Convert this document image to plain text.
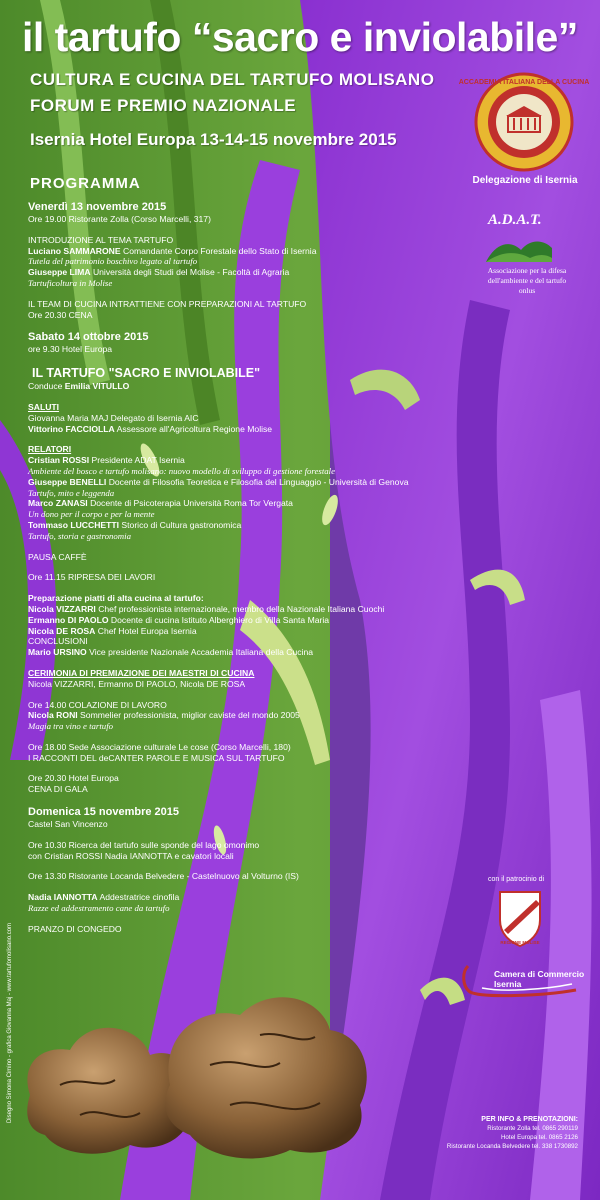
il tartufo “sacro e inviolabile”
CULTURA E CUCINA DEL TARTUFO MOLISANO
FORUM E PREMIO NAZIONALE
Isernia Hotel Europa 13-14-15 novembre 2015
PROGRAMMA
Venerdì 13 novembre 2015
Ore 19.00 Ristorante Zolla (Corso Marcelli, 317)
INTRODUZIONE AL TEMA TARTUFO
Luciano SAMMARONE Comandante Corpo Forestale dello Stato di Isernia
Tutela del patrimonio boschivo legato al tartufo
Giuseppe LIMA Università degli Studi del Molise - Facoltà di Agraria
Tartuficoltura in Molise
IL TEAM DI CUCINA INTRATTIENE CON PREPARAZIONI AL TARTUFO
Ore 20.30 CENA
Sabato 14 ottobre 2015
ore 9.30 Hotel Europa
IL TARTUFO "SACRO E INVIOLABILE"
Conduce Emilia VITULLO
SALUTI
Giovanna Maria MAJ Delegato di Isernia AIC
Vittorino FACCIOLLA Assessore all'Agricoltura Regione Molise
RELATORI
Cristian ROSSI Presidente ADAT Isernia
Ambiente del bosco e tartufo molisano: nuovo modello di sviluppo di gestione forestale
Giuseppe BENELLI Docente di Filosofia Teoretica e Filosofia del Linguaggio - Università di Genova
Tartufo, mito e leggenda
Marco ZANASI Docente di Psicoterapia Università Roma Tor Vergata
Un dono per il corpo e per la mente
Tommaso LUCCHETTI Storico di Cultura gastronomica
Tartufo, storia e gastronomia
PAUSA CAFFÈ
Ore 11.15 RIPRESA DEI LAVORI
Preparazione piatti di alta cucina al tartufo:
Nicola VIZZARRI Chef professionista internazionale, membro della Nazionale Italiana Cuochi
Ermanno DI PAOLO Docente di cucina Istituto Alberghiero di Villa Santa Maria
Nicola DE ROSA Chef Hotel Europa Isernia
CONCLUSIONI
Mario URSINO Vice presidente Nazionale Accademia Italiana della Cucina
CERIMONIA DI PREMIAZIONE DEI MAESTRI DI CUCINA
Nicola VIZZARRI, Ermanno DI PAOLO, Nicola DE ROSA
Ore 14.00 COLAZIONE DI LAVORO
Nicola RONI Sommelier professionista, miglior caviste del mondo 2005
Magia tra vino e tartufo
Ore 18.00 Sede Associazione culturale Le cose (Corso Marcelli, 180)
I RACCONTI DEL deCANTER PAROLE E MUSICA SUL TARTUFO
Ore 20.30 Hotel Europa
CENA DI GALA
Domenica 15 novembre 2015
Castel San Vincenzo
Ore 10.30 Ricerca del tartufo sulle sponde del lago omonimo
con Cristian ROSSI Nadia IANNOTTA e cavatori locali
Ore 13.30 Ristorante Locanda Belvedere - Castelnuovo al Volturno (IS)
Nadia IANNOTTA Addestratrice cinofila
Razze ed addestramento cane da tartufo
PRANZO DI CONGEDO
ACCADEMIA ITALIANA DELLA CUCINA
Delegazione di Isernia
A.D.A.T.
Associazione per la difesa
dell'ambiente e del tartufo
onlus
con il patrocinio di
REGIONE MOLISE
Camera di Commercio
Isernia
Disegno Simona Cimino - grafica Giovanna Maj - www.tartufomolisano.com	PER INFO & PRENOTAZIONI:
Ristorante Zolla tel. 0865 290119
Hotel Europa tel. 0865 2126
Ristorante Locanda Belvedere tel. 338 1730892
